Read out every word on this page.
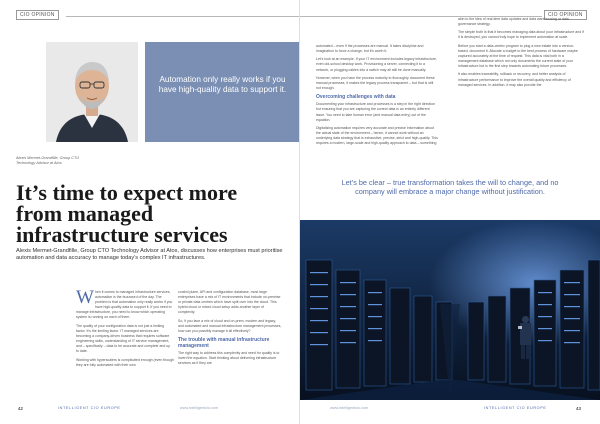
CIO OPINION
Alexis Mermet-Grandfille, Group CTO Technology Advisor at Atos
Automation only really works if you have high-quality data to support it.
It’s time to expect more from managed infrastructure services
Alexis Mermet-Grandfille, Group CTO Technology Advisor at Atos, discusses how enterprises must prioritise automation and data accuracy to manage today’s complex IT infrastructures.

When it comes to managed infrastructure services, automation is the buzzword of the day. The problem is that automation only really works if you have high-quality data to support it. If you need to manage infrastructure, you need to know which operating system is running on each of them.

The quality of your configuration data is not just a limiting factor. It’s the limiting factor. IT managed services are becoming a company-driven business that requires software engineering skills, understanding of IT service management, and – specifically – data to be accurate and complete and up to date.

Working with hyperscalers is complicated enough (even though they are fully automated with their own

control plane, API and configuration database, most large enterprises have a mix of IT environments that include on-premise or private data centres which have spilt over into the cloud. This hybrid cloud or mixed cloud setup adds another layer of complexity.

So, if you face a mix of cloud and on-prem, modern and legacy, and automated and manual infrastructure management processes, how can you possibly manage it all effectively?

The trouble with manual infrastructure management

The right way to address this complexity and need for quality is to invert the equation. Start thinking about delivering infrastructure services as if they are

42	INTELLIGENT CIO EUROPE	www.intelligentcio.com
CIO OPINION

automated – even if the processes are manual. It takes discipline and imagination to force a change, but it’s worth it.

Let’s look at an example. If your IT environment includes legacy infrastructure, even old-school desktop work. Provisioning a server, connecting it to a network, or plugging cables into a switch may all still be done manually.

However, when you have the process maturity to thoroughly document these manual processes, it makes the legacy process transparent – but that is still not enough.

Overcoming challenges with data

Documenting your infrastructure and processes is a step in the right direction but ensuring that you are capturing the correct data is an entirely different issue. You need to take human error (and manual data entry) out of the equation.

Digitalising automation requires very accurate and precise information about the actual state of the environment – hence, it cannot work without an underlying data strategy that is exhaustive, precise, strict and high-quality. This requires a modern, large-scale and high-quality approach to data – something

akin to the idea of real-time data updates and data warehousing or data governance strategy.

The simple truth is that it becomes managing data about your infrastructure and if it is destroyed, you cannot truly hope to implement automation at scale.

Before you start a data-centric program to plug a new estate into a version-based, document it. Allocate a budget to the best process of hardware maybe captured accurately at the time of request. This data is vital both in a management database which not only documents the current state of your infrastructure but is the first step towards automating future processes.

It also enables traceability, rollback or recovery, and better analysis of infrastructure performance to improve the overall quality and efficiency of managed services. In addition, it may also provide the

www.intelligentcio.com	INTELLIGENT CIO EUROPE	43
Let’s be clear – true transformation takes the will to change, and no company will embrace a major change without justification.
